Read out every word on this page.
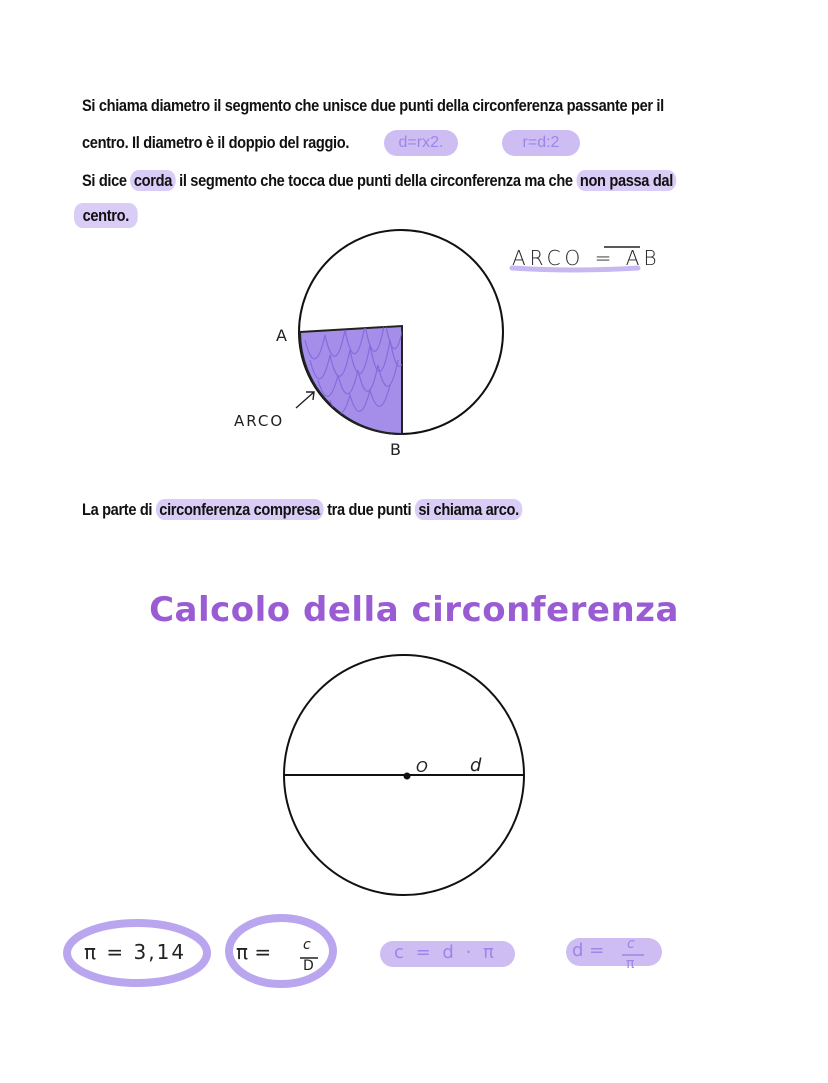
Si chiama diametro il segmento che unisce due punti della circonferenza passante per il
centro. Il diametro è il doppio del raggio.	d=rx2.	r=d:2
Si dice corda il segmento che tocca due punti della circonferenza ma che non passa dal
centro.
ARCO = AB
A
B
ARCO
La parte di circonferenza compresa tra due punti si chiama arco.
Calcolo della circonferenza
O d
π = 3,14 π = c
D
c = d · π	d = c
π
